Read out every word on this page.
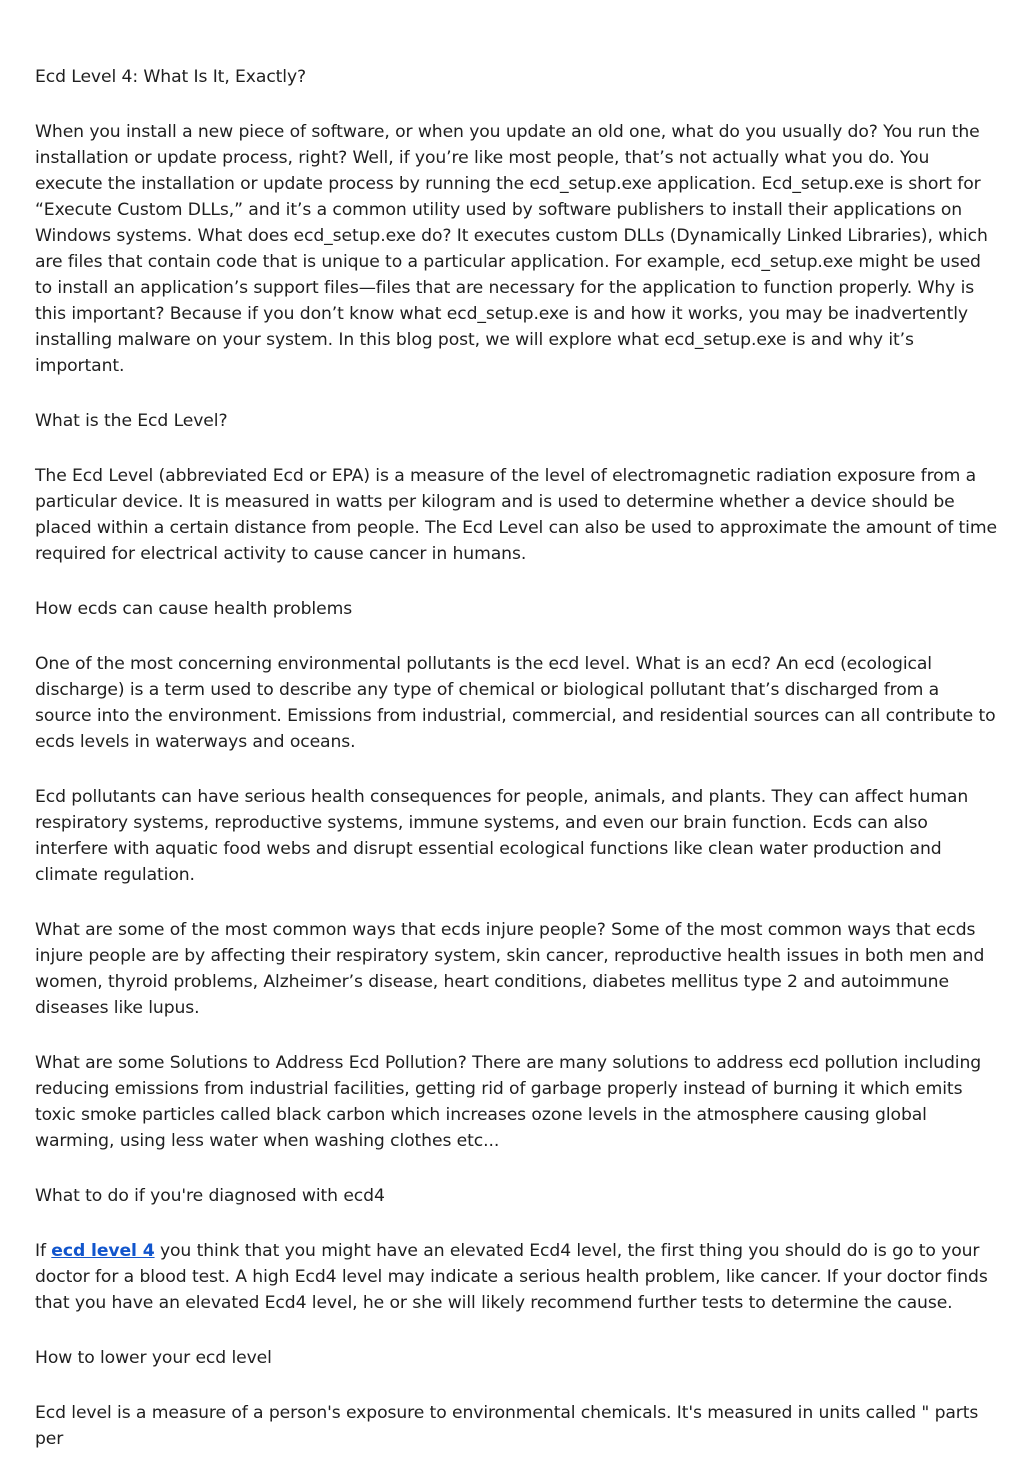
Ecd Level 4: What Is It, Exactly?

When you install a new piece of software, or when you update an old one, what do you usually do? You run the installation or update process, right? Well, if you’re like most people, that’s not actually what you do. You execute the installation or update process by running the ecd_setup.exe application. Ecd_setup.exe is short for “Execute Custom DLLs,” and it’s a common utility used by software publishers to install their applications on Windows systems. What does ecd_setup.exe do? It executes custom DLLs (Dynamically Linked Libraries), which are files that contain code that is unique to a particular application. For example, ecd_setup.exe might be used to install an application’s support files—files that are necessary for the application to function properly. Why is this important? Because if you don’t know what ecd_setup.exe is and how it works, you may be inadvertently installing malware on your system. In this blog post, we will explore what ecd_setup.exe is and why it’s important.

What is the Ecd Level?

The Ecd Level (abbreviated Ecd or EPA) is a measure of the level of electromagnetic radiation exposure from a particular device. It is measured in watts per kilogram and is used to determine whether a device should be placed within a certain distance from people. The Ecd Level can also be used to approximate the amount of time required for electrical activity to cause cancer in humans.

How ecds can cause health problems

One of the most concerning environmental pollutants is the ecd level. What is an ecd? An ecd (ecological discharge) is a term used to describe any type of chemical or biological pollutant that’s discharged from a source into the environment. Emissions from industrial, commercial, and residential sources can all contribute to ecds levels in waterways and oceans.

Ecd pollutants can have serious health consequences for people, animals, and plants. They can affect human respiratory systems, reproductive systems, immune systems, and even our brain function. Ecds can also interfere with aquatic food webs and disrupt essential ecological functions like clean water production and climate regulation.

What are some of the most common ways that ecds injure people? Some of the most common ways that ecds injure people are by affecting their respiratory system, skin cancer, reproductive health issues in both men and women, thyroid problems, Alzheimer’s disease, heart conditions, diabetes mellitus type 2 and autoimmune diseases like lupus.

What are some Solutions to Address Ecd Pollution? There are many solutions to address ecd pollution including reducing emissions from industrial facilities, getting rid of garbage properly instead of burning it which emits toxic smoke particles called black carbon which increases ozone levels in the atmosphere causing global warming, using less water when washing clothes etc...

What to do if you're diagnosed with ecd4

If ecd level 4 you think that you might have an elevated Ecd4 level, the first thing you should do is go to your doctor for a blood test. A high Ecd4 level may indicate a serious health problem, like cancer. If your doctor finds that you have an elevated Ecd4 level, he or she will likely recommend further tests to determine the cause.

How to lower your ecd level

Ecd level is a measure of a person's exposure to environmental chemicals. It's measured in units called " parts per
